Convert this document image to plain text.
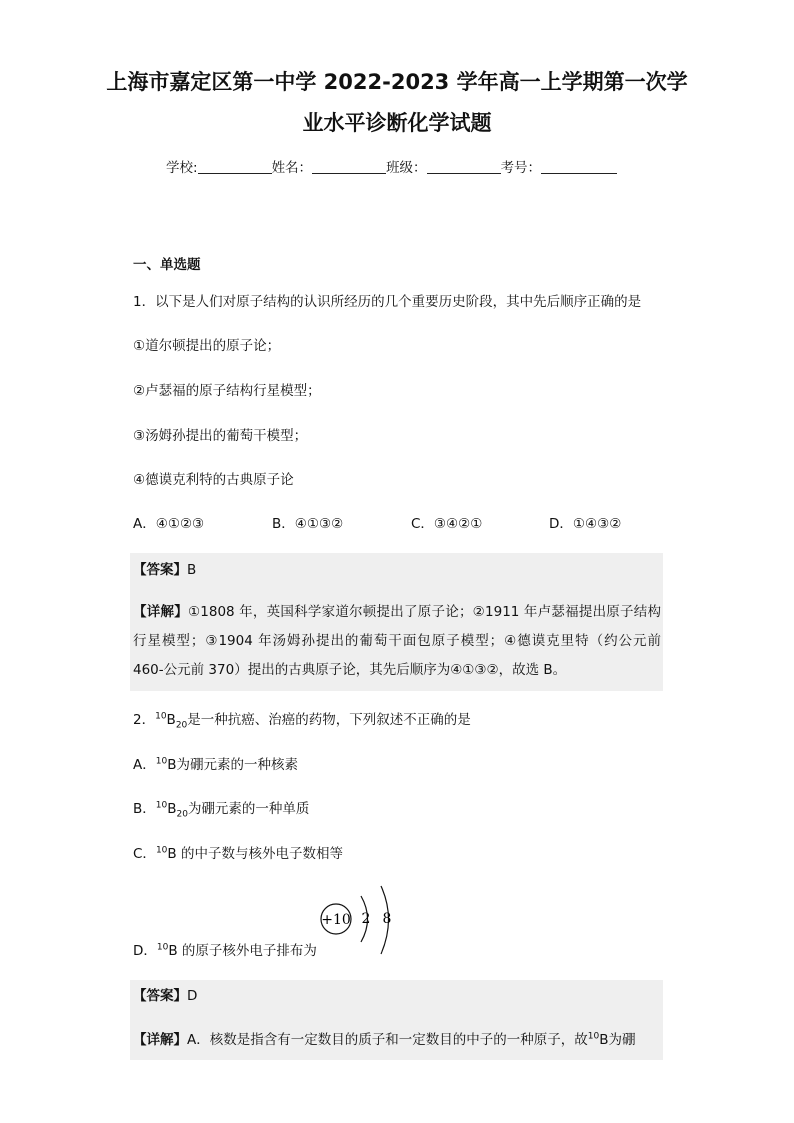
上海市嘉定区第一中学 2022-2023 学年高一上学期第一次学
业水平诊断化学试题
学校:	姓名：	班级：	考号：
一、单选题
1．以下是人们对原子结构的认识所经历的几个重要历史阶段，其中先后顺序正确的是
①道尔顿提出的原子论；
②卢瑟福的原子结构行星模型；
③汤姆孙提出的葡萄干模型；
④德谟克利特的古典原子论
A．④①②③	B．④①③②	C．③④②①	D．①④③②
【答案】B
【详解】①1808 年，英国科学家道尔顿提出了原子论；②1911 年卢瑟福提出原子结构行星模型；③1904 年汤姆孙提出的葡萄干面包原子模型；④德谟克里特（约公元前 460-公元前 370）提出的古典原子论，其先后顺序为④①③②，故选 B。
2．$^{10}B_{20}$是一种抗癌、治癌的药物，下列叙述不正确的是
A．$^{10}$B为硼元素的一种核素
B．$^{10}B_{20}$为硼元素的一种单质
C．$^{10}$B 的中子数与核外电子数相等
D．$^{10}$B 的原子核外电子排布为
+10 2 8
【答案】D
【详解】A．核数是指含有一定数目的质子和一定数目的中子的一种原子，故$^{10}$B为硼
